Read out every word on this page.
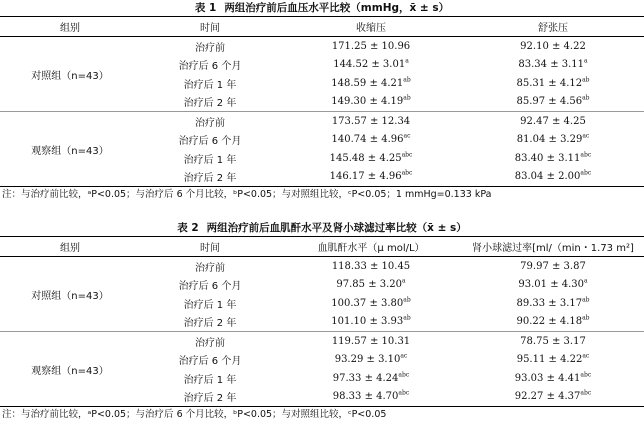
表 1 两组治疗前后血压水平比较（mmHg，x̄ ± s）
组别	时间	收缩压	舒张压
对照组（n=43）	治疗前	171.25 ± 10.96	92.10 ± 4.22
	治疗后 6 个月	144.52 ± 3.01$^a$	83.34 ± 3.11$^a$
	治疗后 1 年	148.59 ± 4.21$^{ab}$	85.31 ± 4.12$^{ab}$
	治疗后 2 年	149.30 ± 4.19$^{ab}$	85.97 ± 4.56$^{ab}$
观察组（n=43）	治疗前	173.57 ± 12.34	92.47 ± 4.25
	治疗后 6 个月	140.74 ± 4.96$^{ac}$	81.04 ± 3.29$^{ac}$
	治疗后 1 年	145.48 ± 4.25$^{abc}$	83.40 ± 3.11$^{abc}$
	治疗后 2 年	146.17 ± 4.96$^{abc}$	83.04 ± 2.00$^{abc}$
注：与治疗前比较，ᵃP<0.05；与治疗后 6 个月比较，ᵇP<0.05；与对照组比较，ᶜP<0.05；1 mmHg=0.133 kPa
表 2 两组治疗前后血肌酐水平及肾小球滤过率比较（x̄ ± s）
组别	时间	血肌酐水平（μ mol/L）	肾小球滤过率[ml/（min・1.73 m²]
对照组（n=43）	治疗前	118.33 ± 10.45	79.97 ± 3.87
	治疗后 6 个月	97.85 ± 3.20$^a$	93.01 ± 4.30$^a$
	治疗后 1 年	100.37 ± 3.80$^{ab}$	89.33 ± 3.17$^{ab}$
	治疗后 2 年	101.10 ± 3.93$^{ab}$	90.22 ± 4.18$^{ab}$
观察组（n=43）	治疗前	119.57 ± 10.31	78.75 ± 3.17
	治疗后 6 个月	93.29 ± 3.10$^{ac}$	95.11 ± 4.22$^{ac}$
	治疗后 1 年	97.33 ± 4.24$^{abc}$	93.03 ± 4.41$^{abc}$
	治疗后 2 年	98.33 ± 4.70$^{abc}$	92.27 ± 4.37$^{abc}$
注：与治疗前比较，ᵃP<0.05；与治疗后 6 个月比较，ᵇP<0.05；与对照组比较，ᶜP<0.05
